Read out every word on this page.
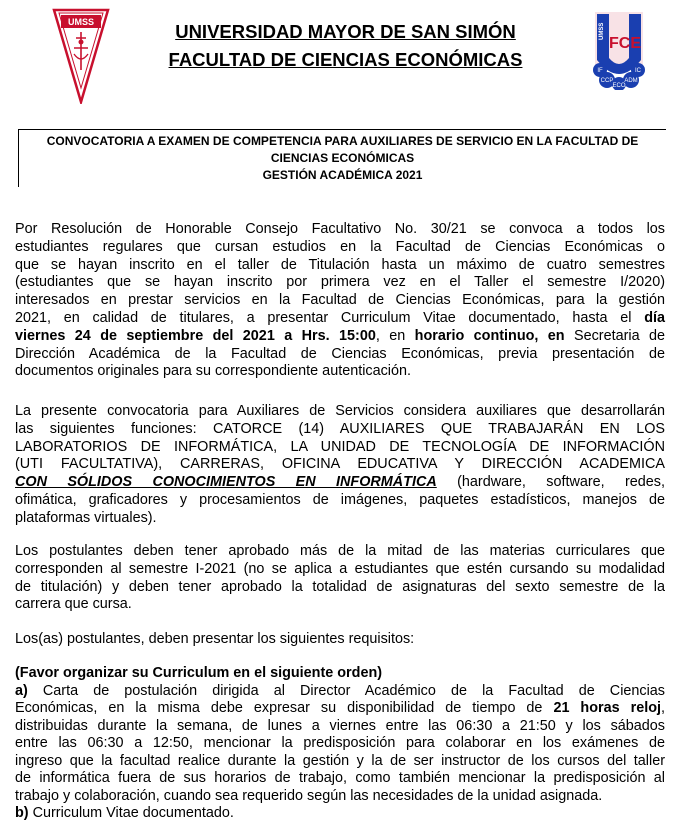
UMSS
UMSS
FCE
IF	IC
CCP ADM
ECO
UNIVERSIDAD MAYOR DE SAN SIMÓN
FACULTAD DE CIENCIAS ECONÓMICAS
CONVOCATORIA A EXAMEN DE COMPETENCIA PARA AUXILIARES DE SERVICIO EN LA FACULTAD DE
CIENCIAS ECONÓMICAS
GESTIÓN ACADÉMICA 2021
Por Resolución de Honorable Consejo Facultativo No. 30/21 se convoca a todos los
estudiantes regulares que cursan estudios en la Facultad de Ciencias Económicas o
que se hayan inscrito en el taller de Titulación hasta un máximo de cuatro semestres
(estudiantes que se hayan inscrito por primera vez en el Taller el semestre I/2020)
interesados en prestar servicios en la Facultad de Ciencias Económicas, para la gestión
2021, en calidad de titulares, a presentar Curriculum Vitae documentado, hasta el día
viernes 24 de septiembre del 2021 a Hrs. 15:00, en horario continuo, en Secretaria de
Dirección Académica de la Facultad de Ciencias Económicas, previa presentación de
documentos originales para su correspondiente autenticación.
La presente convocatoria para Auxiliares de Servicios considera auxiliares que desarrollarán
las siguientes funciones: CATORCE (14) AUXILIARES QUE TRABAJARÁN EN LOS
LABORATORIOS DE INFORMÁTICA, LA UNIDAD DE TECNOLOGÍA DE INFORMACIÓN
(UTI FACULTATIVA), CARRERAS, OFICINA EDUCATIVA Y DIRECCIÓN ACADEMICA
CON SÓLIDOS CONOCIMIENTOS EN INFORMÁTICA (hardware, software, redes,
ofimática, graficadores y procesamientos de imágenes, paquetes estadísticos, manejos de
plataformas virtuales).
Los postulantes deben tener aprobado más de la mitad de las materias curriculares que
corresponden al semestre I-2021 (no se aplica a estudiantes que estén cursando su modalidad
de titulación) y deben tener aprobado la totalidad de asignaturas del sexto semestre de la
carrera que cursa.
Los(as) postulantes, deben presentar los siguientes requisitos:
(Favor organizar su Curriculum en el siguiente orden)
a) Carta de postulación dirigida al Director Académico de la Facultad de Ciencias
Económicas, en la misma debe expresar su disponibilidad de tiempo de 21 horas reloj,
distribuidas durante la semana, de lunes a viernes entre las 06:30 a 21:50 y los sábados
entre las 06:30 a 12:50, mencionar la predisposición para colaborar en los exámenes de
ingreso que la facultad realice durante la gestión y la de ser instructor de los cursos del taller
de informática fuera de sus horarios de trabajo, como también mencionar la predisposición al
trabajo y colaboración, cuando sea requerido según las necesidades de la unidad asignada.
b) Curriculum Vitae documentado.
